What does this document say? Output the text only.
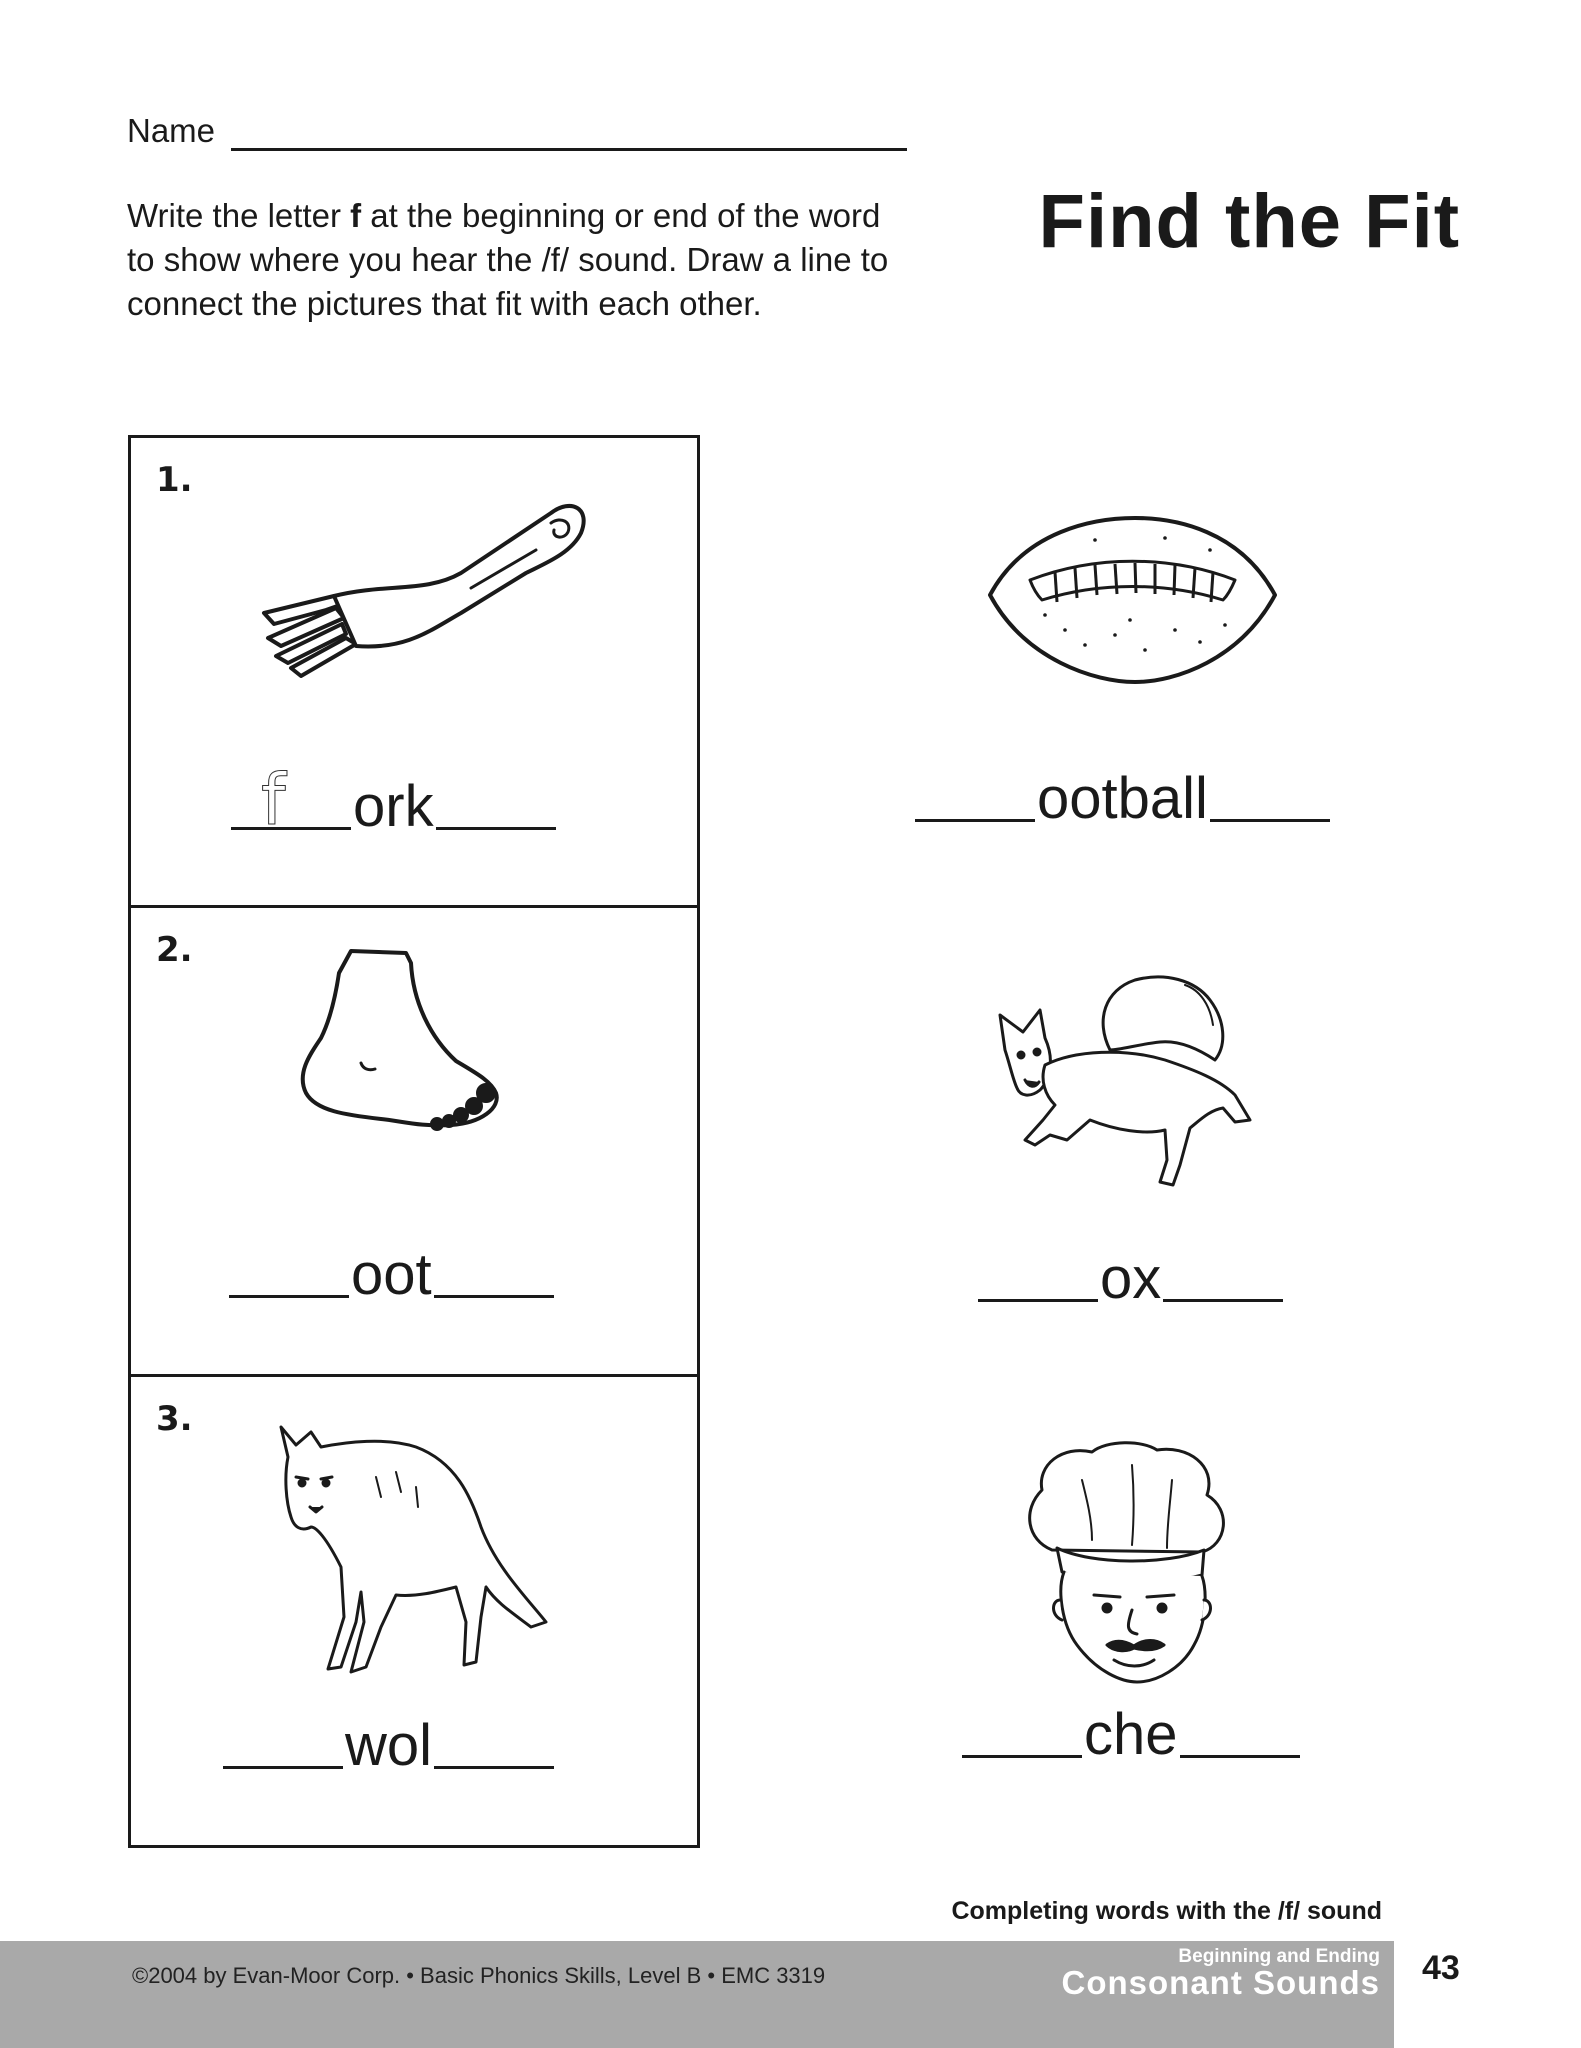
Name
Write the letter f at the beginning or end of the word to show where you hear the /f/ sound. Draw a line to connect the pictures that fit with each other.
Find the Fit
1.
f ork
2.
oot
3.
wol
ootball
ox
che
Completing words with the /f/ sound
©2004 by Evan-Moor Corp. • Basic Phonics Skills, Level B • EMC 3319
Beginning and Ending
Consonant Sounds 43
